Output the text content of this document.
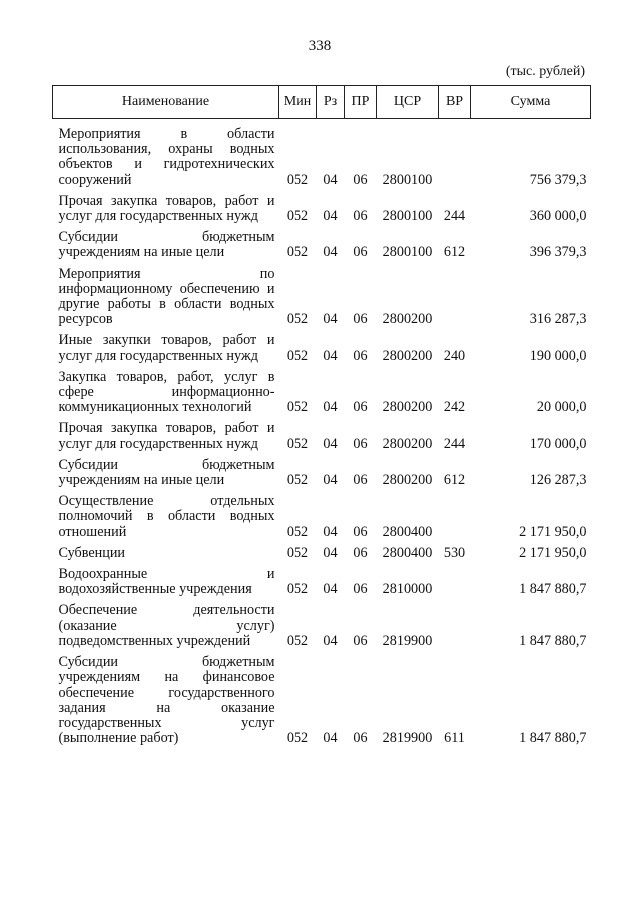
338
(тыс. рублей)
Наименование	Мин	Рз	ПР	ЦСР	ВР	Сумма
Мероприятия в области использования, охраны водных объектов и гидротехнических сооружений	052	04	06	2800100		756 379,3
Прочая закупка товаров, работ и услуг для государственных нужд	052	04	06	2800100	244	360 000,0
Субсидии бюджетным учреждениям на иные цели	052	04	06	2800100	612	396 379,3
Мероприятия по информационному обеспечению и другие работы в области водных ресурсов	052	04	06	2800200		316 287,3
Иные закупки товаров, работ и услуг для государственных нужд	052	04	06	2800200	240	190 000,0
Закупка товаров, работ, услуг в сфере информационно-коммуникационных технологий	052	04	06	2800200	242	20 000,0
Прочая закупка товаров, работ и услуг для государственных нужд	052	04	06	2800200	244	170 000,0
Субсидии бюджетным учреждениям на иные цели	052	04	06	2800200	612	126 287,3
Осуществление отдельных полномочий в области водных отношений	052	04	06	2800400		2 171 950,0
Субвенции	052	04	06	2800400	530	2 171 950,0
Водоохранные и водохозяйственные учреждения	052	04	06	2810000		1 847 880,7
Обеспечение деятельности (оказание услуг) подведомственных учреждений	052	04	06	2819900		1 847 880,7
Субсидии бюджетным учреждениям на финансовое обеспечение государственного задания на оказание государственных услуг (выполнение работ)	052	04	06	2819900	611	1 847 880,7
